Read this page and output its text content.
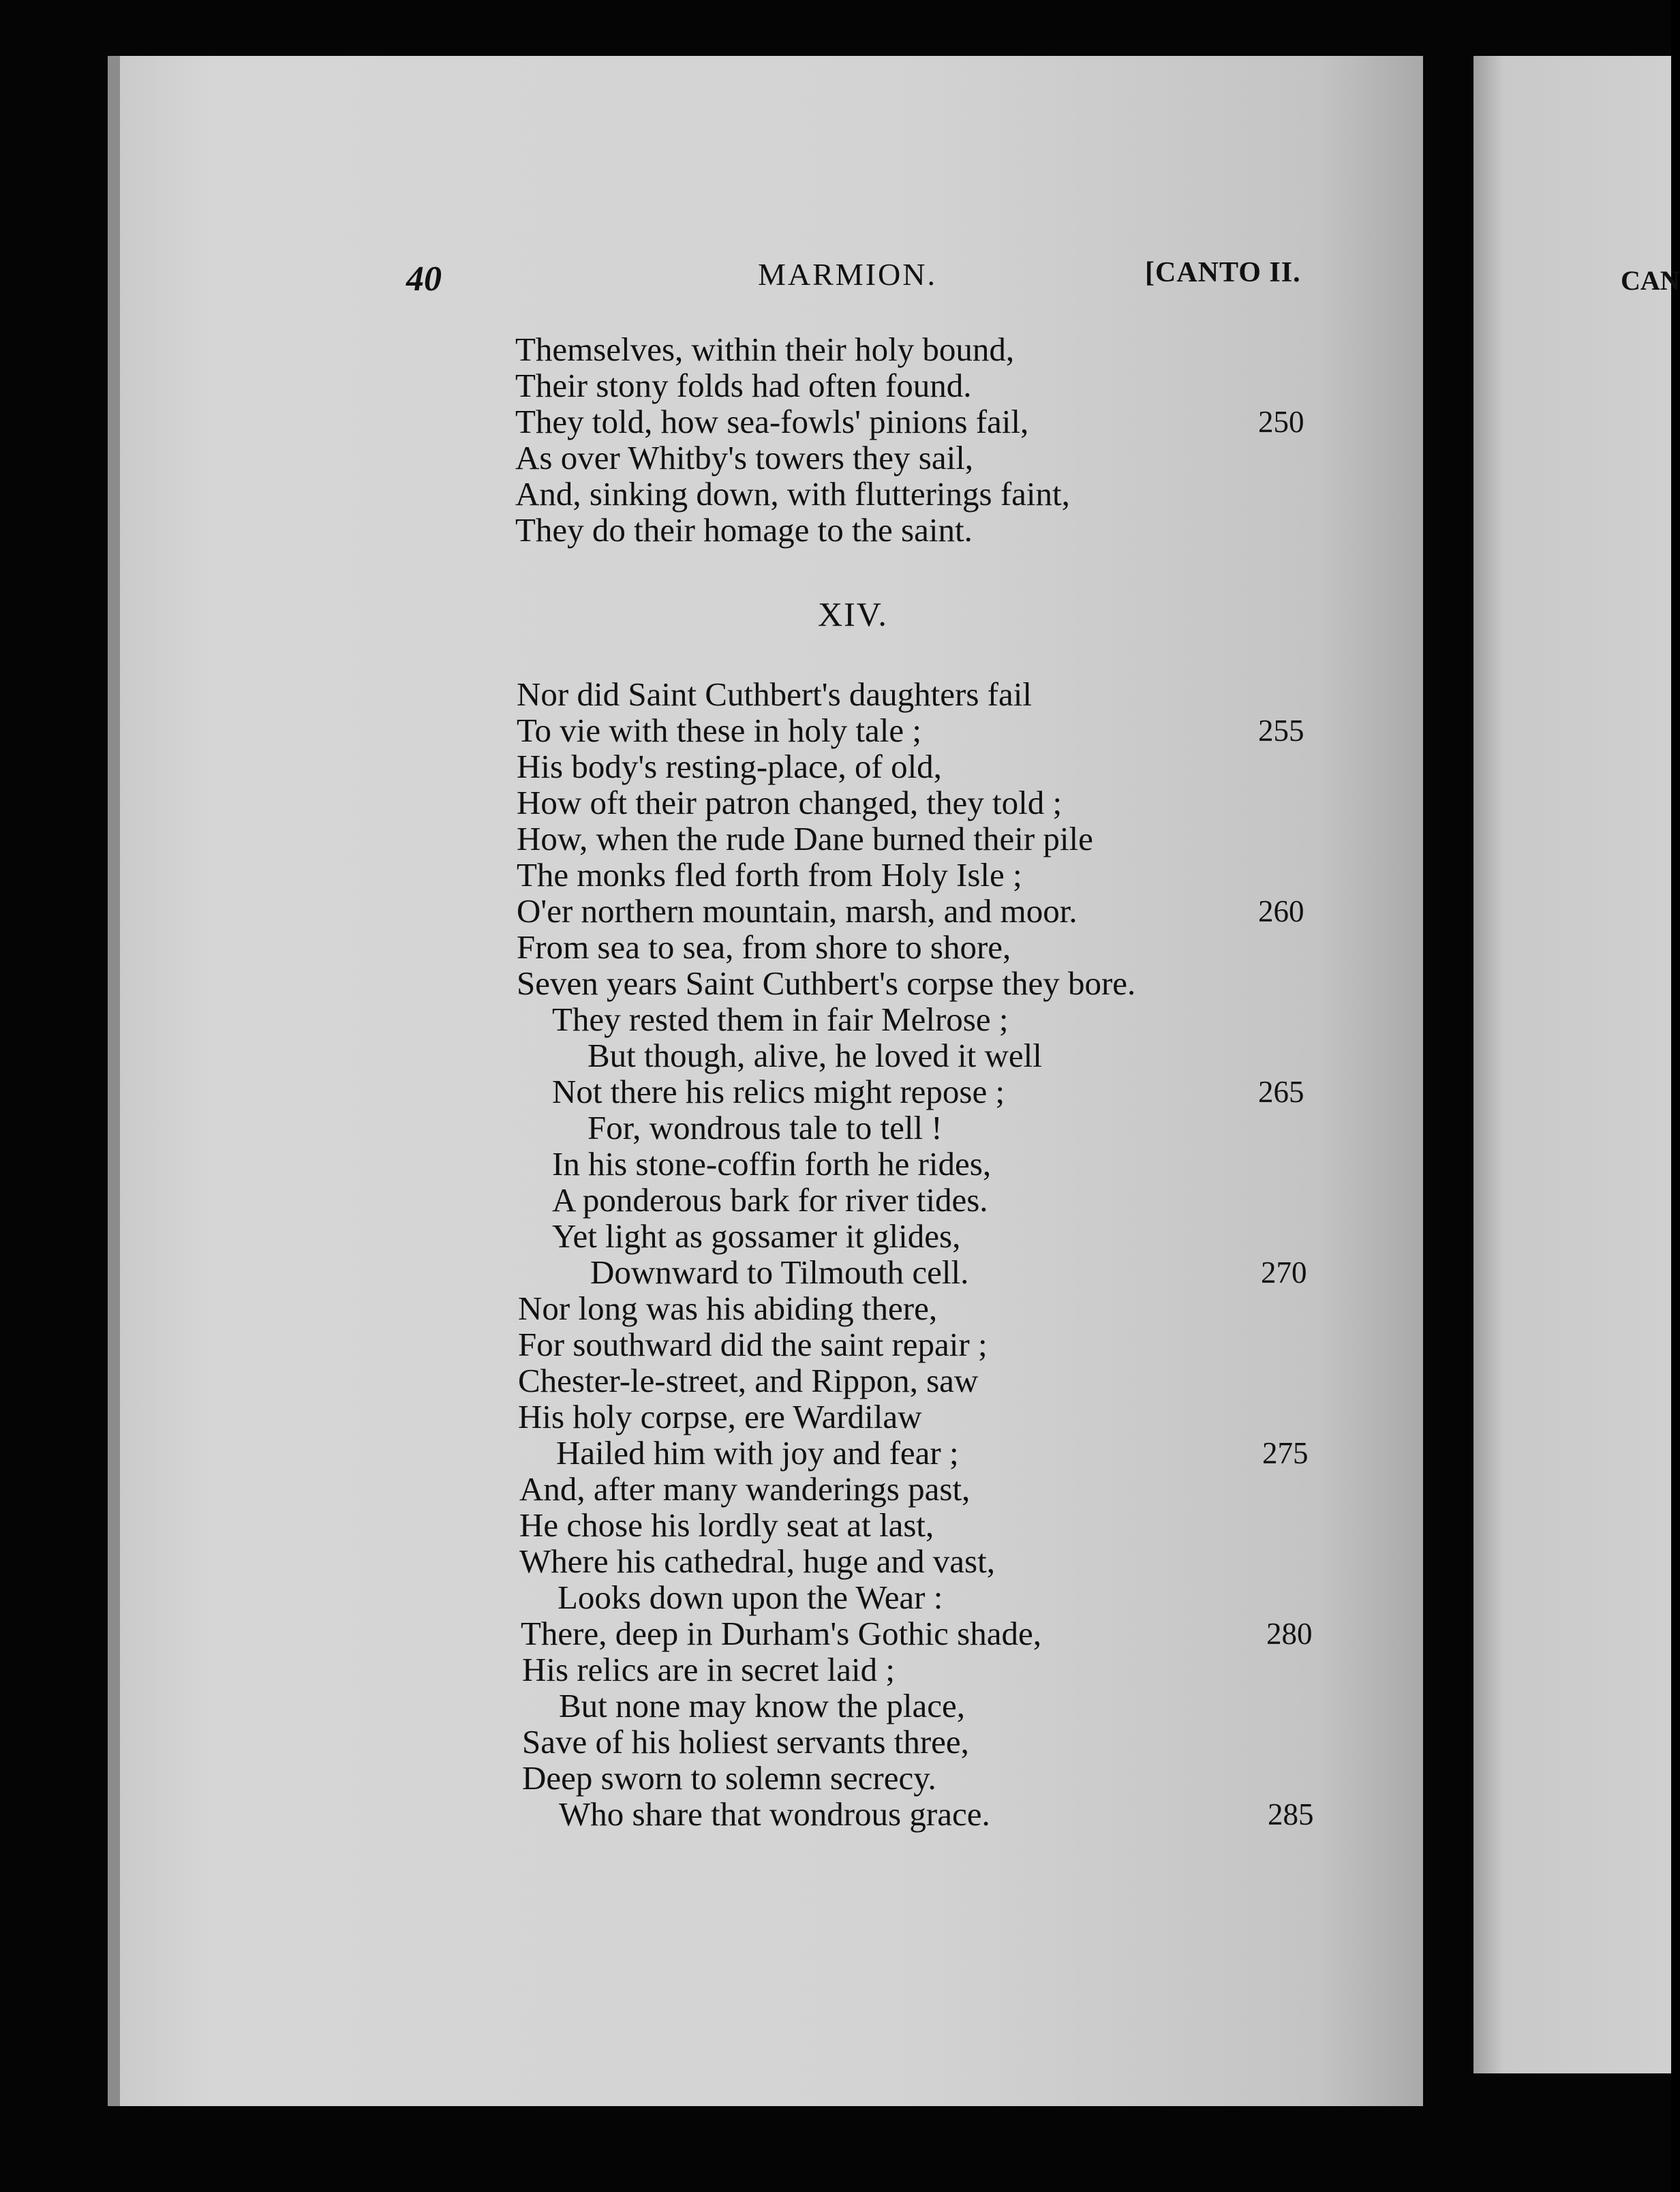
40	MARMION.	[CANTO II.	CAN
Themselves, within their holy bound,
Their stony folds had often found.
They told, how sea-fowls' pinions fail,	250
As over Whitby's towers they sail,
And, sinking down, with flutterings faint,
They do their homage to the saint.
XIV.
Nor did Saint Cuthbert's daughters fail
To vie with these in holy tale ;	255
His body's resting-place, of old,
How oft their patron changed, they told ;
How, when the rude Dane burned their pile
The monks fled forth from Holy Isle ;
O'er northern mountain, marsh, and moor.	260
From sea to sea, from shore to shore,
Seven years Saint Cuthbert's corpse they bore.
They rested them in fair Melrose ;
But though, alive, he loved it well
Not there his relics might repose ;	265
For, wondrous tale to tell !
In his stone-coffin forth he rides,
A ponderous bark for river tides.
Yet light as gossamer it glides,
Downward to Tilmouth cell.	270
Nor long was his abiding there,
For southward did the saint repair ;
Chester-le-street, and Rippon, saw
His holy corpse, ere Wardilaw
Hailed him with joy and fear ;	275
And, after many wanderings past,
He chose his lordly seat at last,
Where his cathedral, huge and vast,
Looks down upon the Wear :
There, deep in Durham's Gothic shade,	280
His relics are in secret laid ;
But none may know the place,
Save of his holiest servants three,
Deep sworn to solemn secrecy.
Who share that wondrous grace.	285
